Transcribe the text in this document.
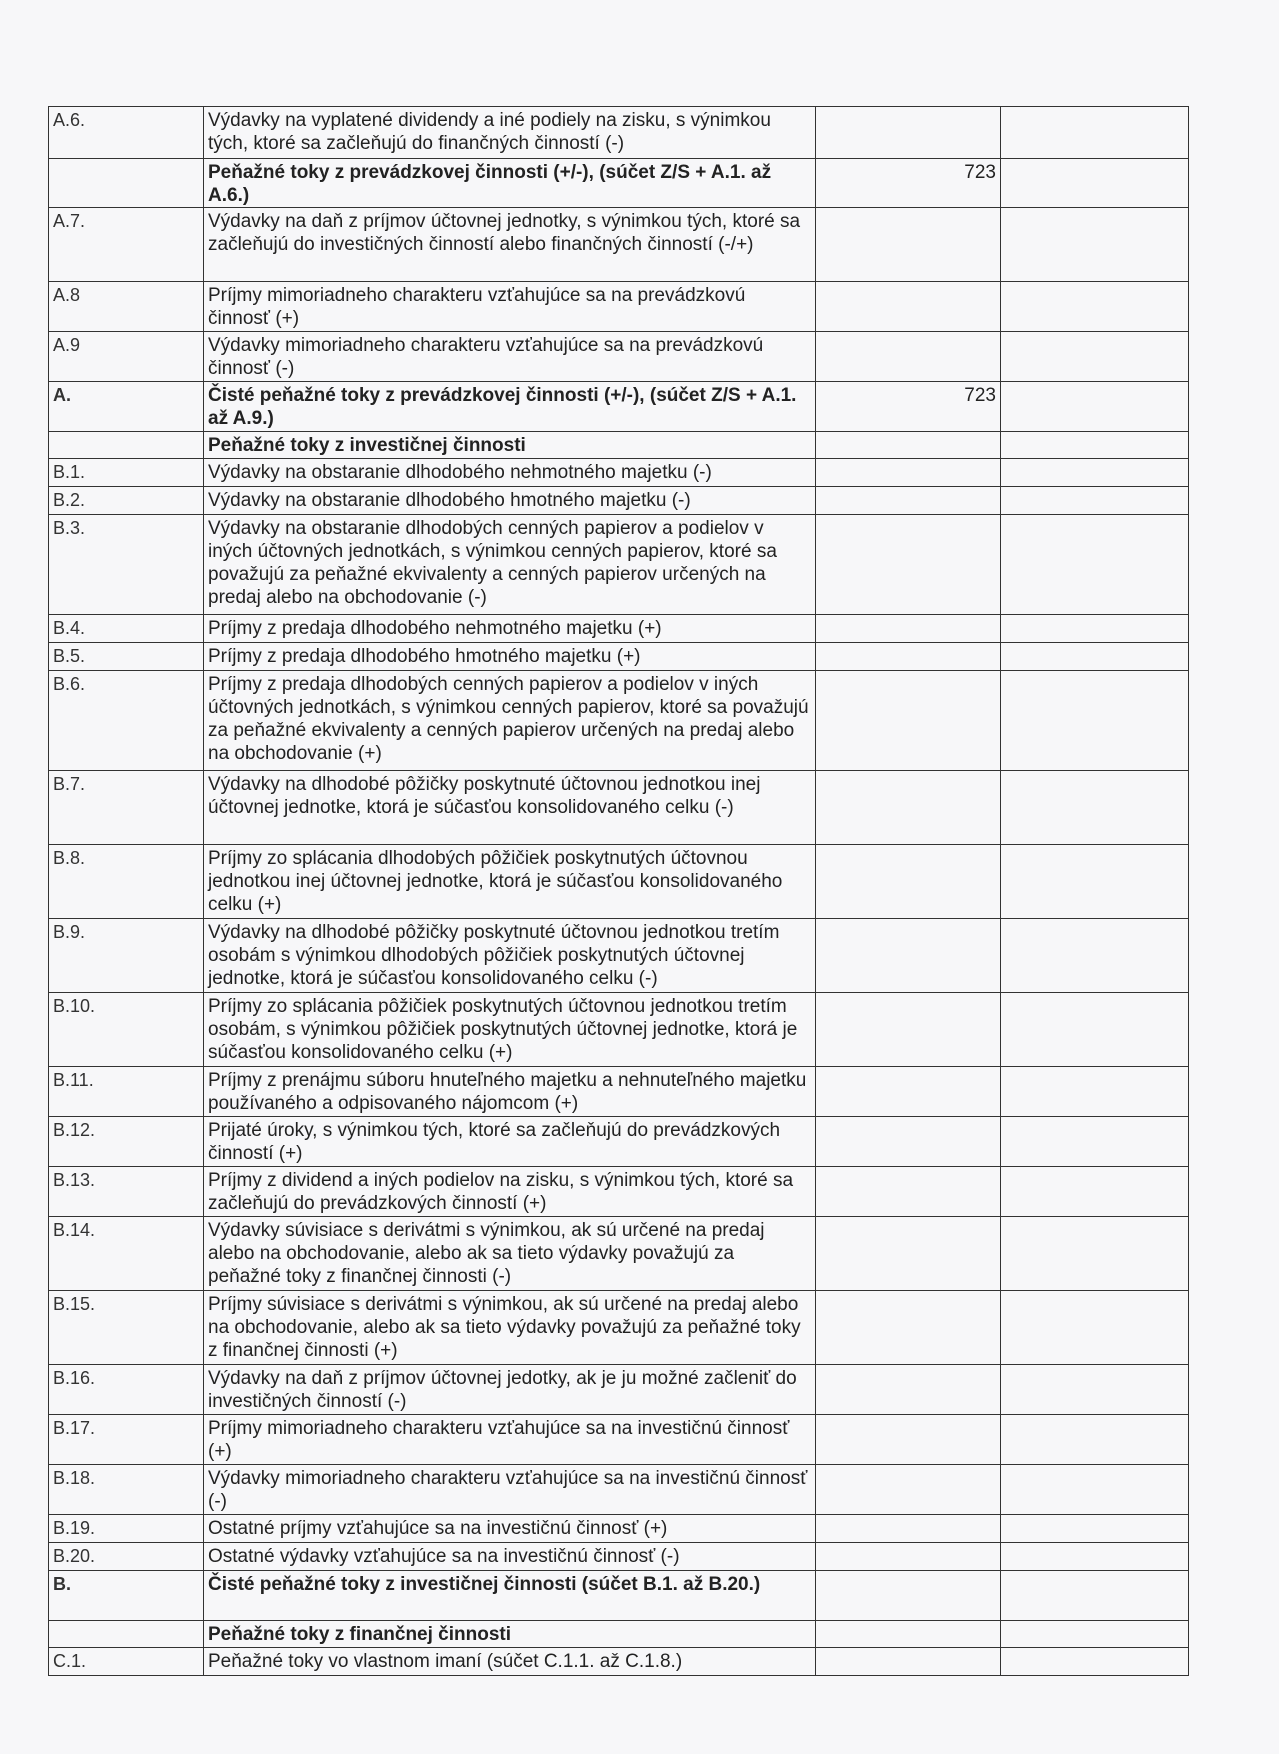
A.6.	Výdavky na vyplatené dividendy a iné podiely na zisku, s výnimkou tých, ktoré sa začleňujú do finančných činností (-)		
	Peňažné toky z prevádzkovej činnosti (+/-), (súčet Z/S + A.1. až A.6.)	723	
A.7.	Výdavky na daň z príjmov účtovnej jednotky, s výnimkou tých, ktoré sa začleňujú do investičných činností alebo finančných činností (-/+)		
A.8	Príjmy mimoriadneho charakteru vzťahujúce sa na prevádzkovú činnosť (+)		
A.9	Výdavky mimoriadneho charakteru vzťahujúce sa na prevádzkovú činnosť (-)		
A.	Čisté peňažné toky z prevádzkovej činnosti (+/-), (súčet Z/S + A.1. až A.9.)	723	
	Peňažné toky z investičnej činnosti		
B.1.	Výdavky na obstaranie dlhodobého nehmotného majetku (-)		
B.2.	Výdavky na obstaranie dlhodobého hmotného majetku (-)		
B.3.	Výdavky na obstaranie dlhodobých cenných papierov a podielov v iných účtovných jednotkách, s výnimkou cenných papierov, ktoré sa považujú za peňažné ekvivalenty a cenných papierov určených na predaj alebo na obchodovanie (-)		
B.4.	Príjmy z predaja dlhodobého nehmotného majetku (+)		
B.5.	Príjmy z predaja dlhodobého hmotného majetku (+)		
B.6.	Príjmy z predaja dlhodobých cenných papierov a podielov v iných účtovných jednotkách, s výnimkou cenných papierov, ktoré sa považujú za peňažné ekvivalenty a cenných papierov určených na predaj alebo na obchodovanie (+)		
B.7.	Výdavky na dlhodobé pôžičky poskytnuté účtovnou jednotkou inej účtovnej jednotke, ktorá je súčasťou konsolidovaného celku (-)		
B.8.	Príjmy zo splácania dlhodobých pôžičiek poskytnutých účtovnou jednotkou inej účtovnej jednotke, ktorá je súčasťou konsolidovaného celku (+)		
B.9.	Výdavky na dlhodobé pôžičky poskytnuté účtovnou jednotkou tretím osobám s výnimkou dlhodobých pôžičiek poskytnutých účtovnej jednotke, ktorá je súčasťou konsolidovaného celku (-)		
B.10.	Príjmy zo splácania pôžičiek poskytnutých účtovnou jednotkou tretím osobám, s výnimkou pôžičiek poskytnutých účtovnej jednotke, ktorá je súčasťou konsolidovaného celku (+)		
B.11.	Príjmy z prenájmu súboru hnuteľného majetku a nehnuteľného majetku používaného a odpisovaného nájomcom (+)		
B.12.	Prijaté úroky, s výnimkou tých, ktoré sa začleňujú do prevádzkových činností (+)		
B.13.	Príjmy z dividend a iných podielov na zisku, s výnimkou tých, ktoré sa začleňujú do prevádzkových činností (+)		
B.14.	Výdavky súvisiace s derivátmi s výnimkou, ak sú určené na predaj alebo na obchodovanie, alebo ak sa tieto výdavky považujú za peňažné toky z finančnej činnosti (-)		
B.15.	Príjmy súvisiace s derivátmi s výnimkou, ak sú určené na predaj alebo na obchodovanie, alebo ak sa tieto výdavky považujú za peňažné toky z finančnej činnosti (+)		
B.16.	Výdavky na daň z príjmov účtovnej jedotky, ak je ju možné začleniť do investičných činností (-)		
B.17.	Príjmy mimoriadneho charakteru vzťahujúce sa na investičnú činnosť (+)		
B.18.	Výdavky mimoriadneho charakteru vzťahujúce sa na investičnú činnosť (-)		
B.19.	Ostatné príjmy vzťahujúce sa na investičnú činnosť (+)		
B.20.	Ostatné výdavky vzťahujúce sa na investičnú činnosť (-)		
B.	Čisté peňažné toky z investičnej činnosti (súčet B.1. až B.20.)		
	Peňažné toky z finančnej činnosti		
C.1.	Peňažné toky vo vlastnom imaní (súčet C.1.1. až C.1.8.)		
